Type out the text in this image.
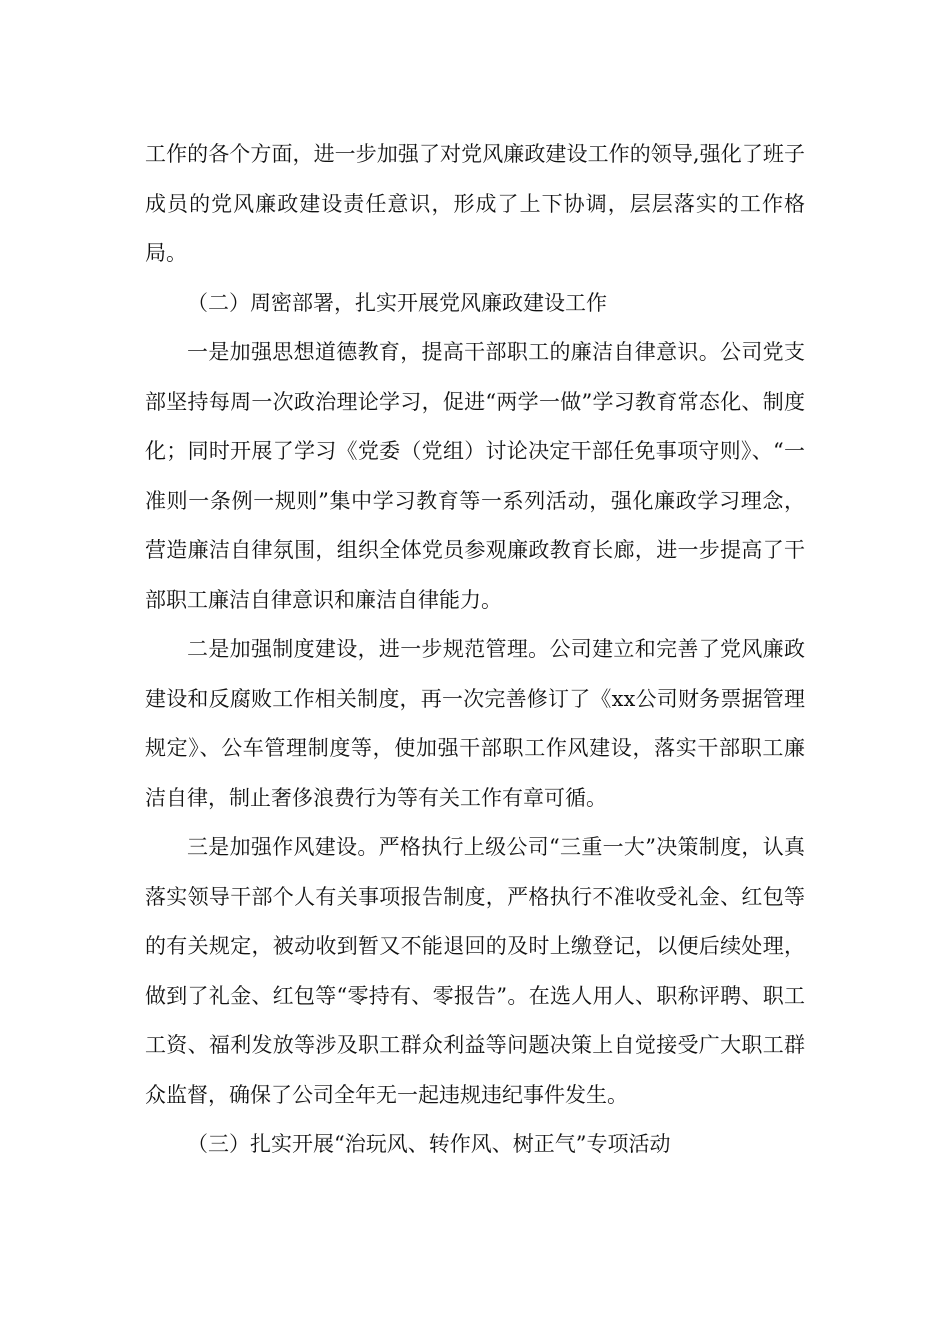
工作的各个方面，进一步加强了对党风廉政建设工作的领导,强化了班子成员的党风廉政建设责任意识，形成了上下协调，层层落实的工作格局。

（二）周密部署，扎实开展党风廉政建设工作

一是加强思想道德教育，提高干部职工的廉洁自律意识。公司党支部坚持每周一次政治理论学习，促进“两学一做”学习教育常态化、制度化；同时开展了学习《党委（党组）讨论决定干部任免事项守则》、“一准则一条例一规则”集中学习教育等一系列活动，强化廉政学习理念，营造廉洁自律氛围，组织全体党员参观廉政教育长廊，进一步提高了干部职工廉洁自律意识和廉洁自律能力。

二是加强制度建设，进一步规范管理。公司建立和完善了党风廉政建设和反腐败工作相关制度，再一次完善修订了《xx公司财务票据管理规定》、公车管理制度等，使加强干部职工作风建设，落实干部职工廉洁自律，制止奢侈浪费行为等有关工作有章可循。

三是加强作风建设。严格执行上级公司“三重一大”决策制度，认真落实领导干部个人有关事项报告制度，严格执行不准收受礼金、红包等的有关规定，被动收到暂又不能退回的及时上缴登记，以便后续处理，做到了礼金、红包等“零持有、零报告”。在选人用人、职称评聘、职工工资、福利发放等涉及职工群众利益等问题决策上自觉接受广大职工群众监督，确保了公司全年无一起违规违纪事件发生。

（三）扎实开展“治玩风、转作风、树正气”专项活动
